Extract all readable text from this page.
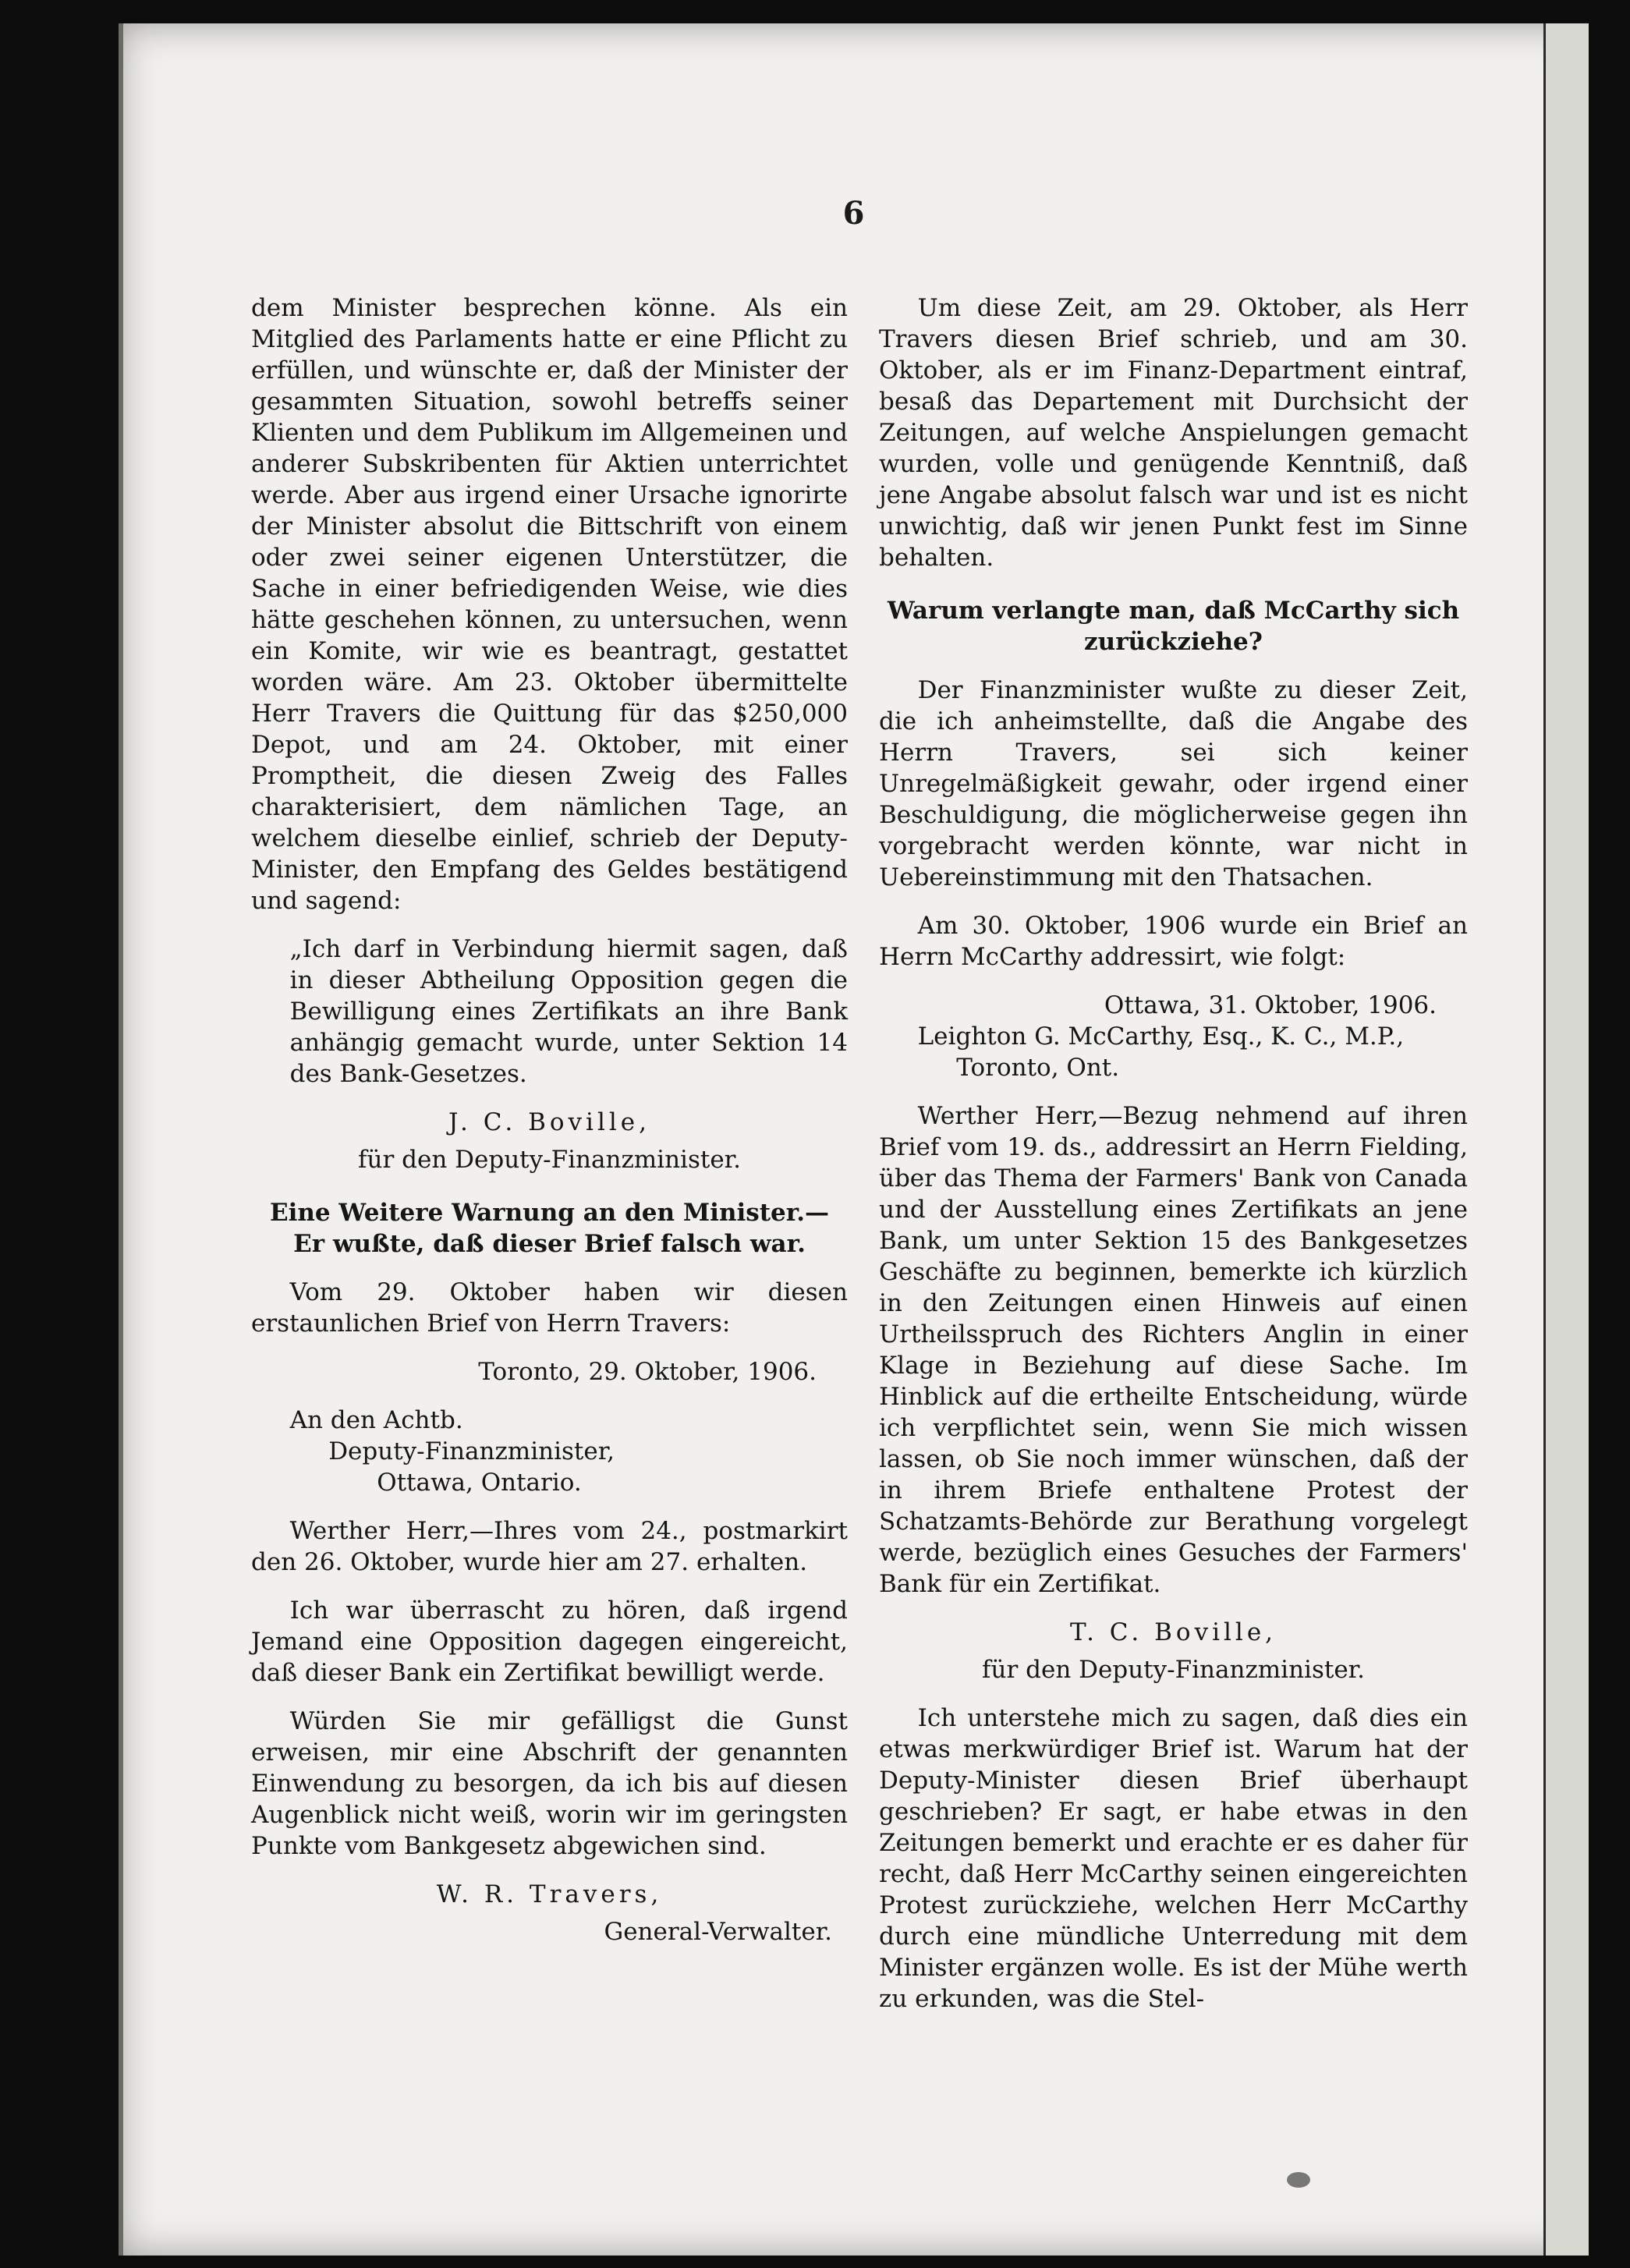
6

dem Minister besprechen könne. Als ein Mitglied des Parlaments hatte er eine Pflicht zu erfüllen, und wünschte er, daß der Minister der gesammten Situation, sowohl betreffs seiner Klienten und dem Publikum im Allgemeinen und anderer Subskribenten für Aktien unterrichtet werde. Aber aus irgend einer Ursache ignorirte der Minister absolut die Bittschrift von einem oder zwei seiner eigenen Unterstützer, die Sache in einer befriedigenden Weise, wie dies hätte geschehen können, zu untersuchen, wenn ein Komite, wir wie es beantragt, gestattet worden wäre. Am 23. Oktober übermittelte Herr Travers die Quittung für das $250,000 Depot, und am 24. Oktober, mit einer Promptheit, die diesen Zweig des Falles charakterisiert, dem nämlichen Tage, an welchem dieselbe einlief, schrieb der Deputy-Minister, den Empfang des Geldes bestätigend und sagend:

„Ich darf in Verbindung hiermit sagen, daß in dieser Abtheilung Opposition gegen die Bewilligung eines Zertifikats an ihre Bank anhängig gemacht wurde, unter Sektion 14 des Bank-Gesetzes.

J. C. Boville,

für den Deputy-Finanzminister.

Eine Weitere Warnung an den Minister.—
Er wußte, daß dieser Brief falsch war.

Vom 29. Oktober haben wir diesen erstaunlichen Brief von Herrn Travers:

Toronto, 29. Oktober, 1906.

An den Achtb.

Deputy-Finanzminister,

Ottawa, Ontario.

Werther Herr,—Ihres vom 24., postmarkirt den 26. Oktober, wurde hier am 27. erhalten.

Ich war überrascht zu hören, daß irgend Jemand eine Opposition dagegen eingereicht, daß dieser Bank ein Zertifikat bewilligt werde.

Würden Sie mir gefälligst die Gunst erweisen, mir eine Abschrift der genannten Einwendung zu besorgen, da ich bis auf diesen Augenblick nicht weiß, worin wir im geringsten Punkte vom Bankgesetz abgewichen sind.

W. R. Travers,

General-Verwalter.

Um diese Zeit, am 29. Oktober, als Herr Travers diesen Brief schrieb, und am 30. Oktober, als er im Finanz-Department eintraf, besaß das Departement mit Durchsicht der Zeitungen, auf welche Anspielungen gemacht wurden, volle und genügende Kenntniß, daß jene Angabe absolut falsch war und ist es nicht unwichtig, daß wir jenen Punkt fest im Sinne behalten.

Warum verlangte man, daß McCarthy sich
zurückziehe?

Der Finanzminister wußte zu dieser Zeit, die ich anheimstellte, daß die Angabe des Herrn Travers, sei sich keiner Unregelmäßigkeit gewahr, oder irgend einer Beschuldigung, die möglicherweise gegen ihn vorgebracht werden könnte, war nicht in Uebereinstimmung mit den Thatsachen.

Am 30. Oktober, 1906 wurde ein Brief an Herrn McCarthy addressirt, wie folgt:

Ottawa, 31. Oktober, 1906.

Leighton G. McCarthy, Esq., K. C., M.P.,

Toronto, Ont.

Werther Herr,—Bezug nehmend auf ihren Brief vom 19. ds., addressirt an Herrn Fielding, über das Thema der Farmers' Bank von Canada und der Ausstellung eines Zertifikats an jene Bank, um unter Sektion 15 des Bankgesetzes Geschäfte zu beginnen, bemerkte ich kürzlich in den Zeitungen einen Hinweis auf einen Urtheilsspruch des Richters Anglin in einer Klage in Beziehung auf diese Sache. Im Hinblick auf die ertheilte Entscheidung, würde ich verpflichtet sein, wenn Sie mich wissen lassen, ob Sie noch immer wünschen, daß der in ihrem Briefe enthaltene Protest der Schatzamts-Behörde zur Berathung vorgelegt werde, bezüglich eines Gesuches der Farmers' Bank für ein Zertifikat.

T. C. Boville,

für den Deputy-Finanzminister.

Ich unterstehe mich zu sagen, daß dies ein etwas merkwürdiger Brief ist. Warum hat der Deputy-Minister diesen Brief überhaupt geschrieben? Er sagt, er habe etwas in den Zeitungen bemerkt und erachte er es daher für recht, daß Herr McCarthy seinen eingereichten Protest zurückziehe, welchen Herr McCarthy durch eine mündliche Unterredung mit dem Minister ergänzen wolle. Es ist der Mühe werth zu erkunden, was die Stel-
